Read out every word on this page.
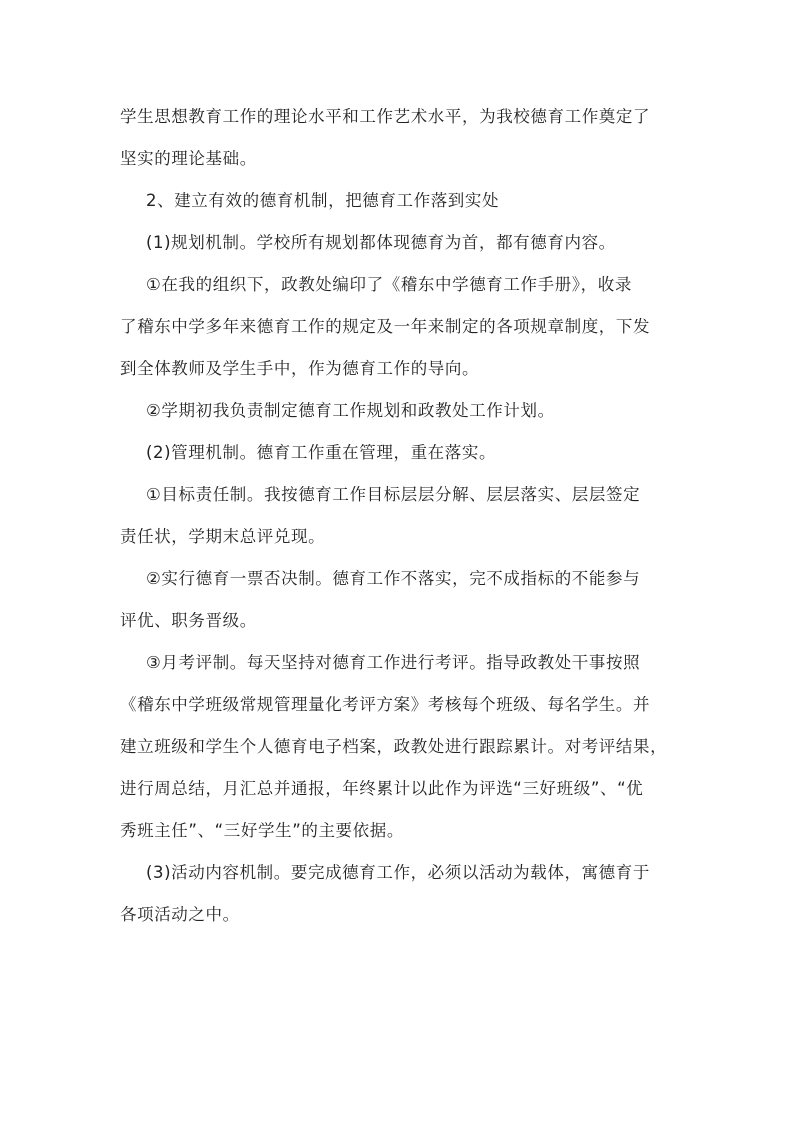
学生思想教育工作的理论水平和工作艺术水平，为我校德育工作奠定了
坚实的理论基础。
2、建立有效的德育机制，把德育工作落到实处
(1)规划机制。学校所有规划都体现德育为首，都有德育内容。
①在我的组织下，政教处编印了《稽东中学德育工作手册》，收录
了稽东中学多年来德育工作的规定及一年来制定的各项规章制度，下发
到全体教师及学生手中，作为德育工作的导向。
②学期初我负责制定德育工作规划和政教处工作计划。
(2)管理机制。德育工作重在管理，重在落实。
①目标责任制。我按德育工作目标层层分解、层层落实、层层签定
责任状，学期末总评兑现。
②实行德育一票否决制。德育工作不落实，完不成指标的不能参与
评优、职务晋级。
③月考评制。每天坚持对德育工作进行考评。指导政教处干事按照
《稽东中学班级常规管理量化考评方案》考核每个班级、每名学生。并
建立班级和学生个人德育电子档案，政教处进行跟踪累计。对考评结果，
进行周总结，月汇总并通报，年终累计以此作为评选“三好班级”、“优
秀班主任”、“三好学生”的主要依据。
(3)活动内容机制。要完成德育工作，必须以活动为载体，寓德育于
各项活动之中。
